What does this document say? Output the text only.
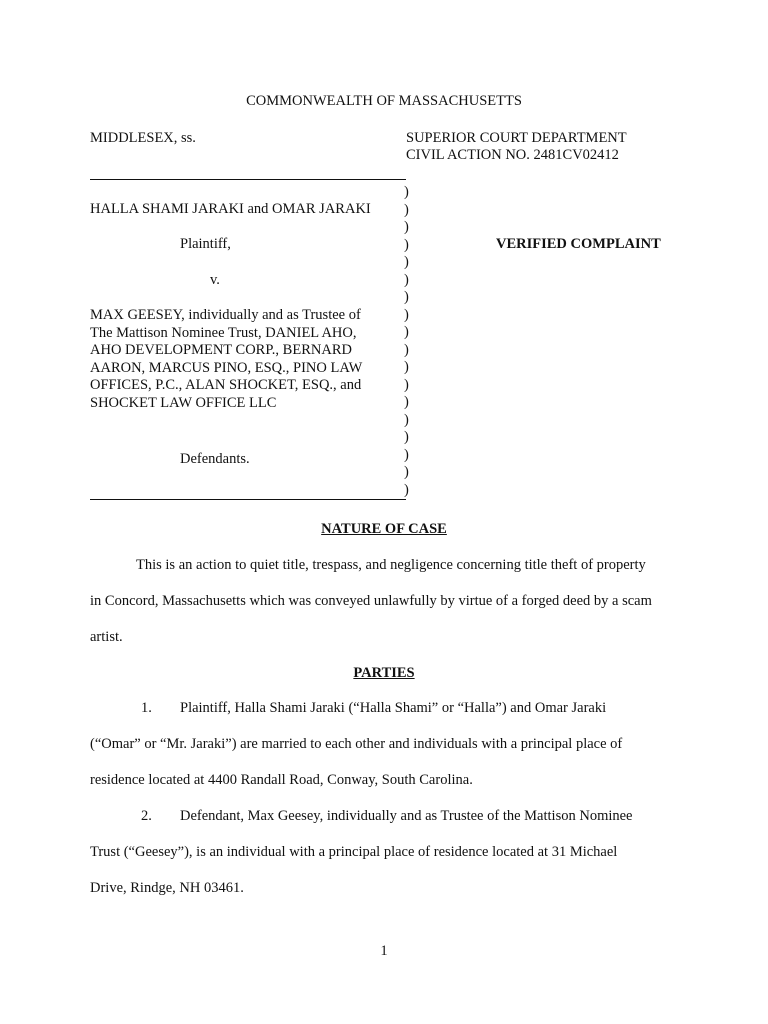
COMMONWEALTH OF MASSACHUSETTS
MIDDLESEX, ss.	SUPERIOR COURT DEPARTMENT
CIVIL ACTION NO. 2481CV02412
)
)
)
)
)
)
)
)
)
)
)
)
)
)
)
)
)
)
HALLA SHAMI JARAKI and OMAR JARAKI
Plaintiff,
v.
MAX GEESEY, individually and as Trustee of
The Mattison Nominee Trust, DANIEL AHO,
AHO DEVELOPMENT CORP., BERNARD
AARON, MARCUS PINO, ESQ., PINO LAW
OFFICES, P.C., ALAN SHOCKET, ESQ., and
SHOCKET LAW OFFICE LLC
Defendants.
VERIFIED COMPLAINT
NATURE OF CASE
This is an action to quiet title, trespass, and negligence concerning title theft of property
in Concord, Massachusetts which was conveyed unlawfully by virtue of a forged deed by a scam
artist.
PARTIES
1. Plaintiff, Halla Shami Jaraki (“Halla Shami” or “Halla”) and Omar Jaraki
(“Omar” or “Mr. Jaraki”) are married to each other and individuals with a principal place of
residence located at 4400 Randall Road, Conway, South Carolina.
2. Defendant, Max Geesey, individually and as Trustee of the Mattison Nominee
Trust (“Geesey”), is an individual with a principal place of residence located at 31 Michael
Drive, Rindge, NH 03461.
1
